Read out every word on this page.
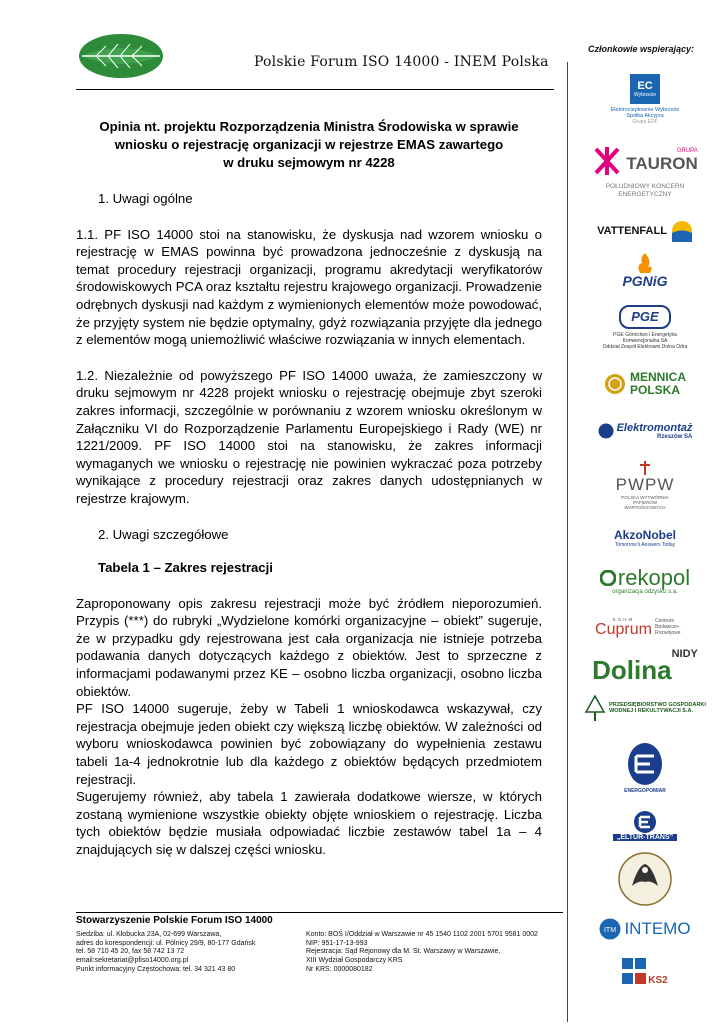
Polskie Forum ISO 14000 - INEM Polska
Członkowie wspierający:
EC
Wybrzeże
Elektrociepłownie Wybrzeże Spółka Akcyjna
Grupa EDF
GRUPA
TAURON
POŁUDNIOWY KONCERN ENERGETYCZNY
VATTENFALL
PGNiG
PGE
PGE Górnictwo i Energetyka Konwencjonalna SA
Oddział Zespół Elektrowni Dolna Odra
MENNICA
POLSKA
Elektromontaż
Rzeszów SA
PWPW
POLSKA WYTWÓRNIA PAPIERÓW WARTOŚCIOWYCH
AkzoNobel
Tomorrow's Answers Today
rekopol
organizacja odzysku s.a.
KGHM
Cuprum Centrum Badawczo-Rozwojowe
Dolina
NIDY
PRZEDSIĘBIORSTWO GOSPODARKI
WODNEJ I REKULTYWACJI S.A.
ENERGOPOMIAR
„ELTUR-TRANS”
ITM INTEMO
KS2
Opinia nt. projektu Rozporządzenia Ministra Środowiska w sprawie
wniosku o rejestrację organizacji w rejestrze EMAS zawartego
w druku sejmowym nr 4228
1. Uwagi ogólne

1.1. PF ISO 14000 stoi na stanowisku, że dyskusja nad wzorem wniosku o rejestrację w EMAS powinna być prowadzona jednocześnie z dyskusją na temat procedury rejestracji organizacji, programu akredytacji weryfikatorów środowiskowych PCA oraz kształtu rejestru krajowego organizacji. Prowadzenie odrębnych dyskusji nad każdym z wymienionych elementów może powodować, że przyjęty system nie będzie optymalny, gdyż rozwiązania przyjęte dla jednego z elementów mogą uniemożliwić właściwe rozwiązania w innych elementach.

1.2. Niezależnie od powyższego PF ISO 14000 uważa, że zamieszczony w druku sejmowym nr 4228 projekt wniosku o rejestrację obejmuje zbyt szeroki zakres informacji, szczególnie w porównaniu z wzorem wniosku określonym w Załączniku VI do Rozporządzenie Parlamentu Europejskiego i Rady (WE) nr 1221/2009. PF ISO 14000 stoi na stanowisku, że zakres informacji wymaganych we wniosku o rejestrację nie powinien wykraczać poza potrzeby wynikające z procedury rejestracji oraz zakres danych udostępnianych w rejestrze krajowym.

2. Uwagi szczegółowe
Tabela 1 – Zakres rejestracji

Zaproponowany opis zakresu rejestracji może być źródłem nieporozumień. Przypis (***) do rubryki „Wydzielone komórki organizacyjne – obiekt” sugeruje, że w przypadku gdy rejestrowana jest cała organizacja nie istnieje potrzeba podawania danych dotyczących każdego z obiektów. Jest to sprzeczne z informacjami podawanymi przez KE – osobno liczba organizacji, osobno liczba obiektów.

PF ISO 14000 sugeruje, żeby w Tabeli 1 wnioskodawca wskazywał, czy rejestracja obejmuje jeden obiekt czy większą liczbę obiektów. W zależności od wyboru wnioskodawca powinien być zobowiązany do wypełnienia zestawu tabeli 1a-4 jednokrotnie lub dla każdego z obiektów będących przedmiotem rejestracji.

Sugerujemy również, aby tabela 1 zawierała dodatkowe wiersze, w których zostaną wymienione wszystkie obiekty objęte wnioskiem o rejestrację. Liczba tych obiektów będzie musiała odpowiadać liczbie zestawów tabel 1a – 4 znajdujących się w dalszej części wniosku.

Stowarzyszenie Polskie Forum ISO 14000
Siedziba: ul. Kłobucka 23A, 02-699 Warszawa,
adres do korespondencji: ul. Pólnicy 29/9, 80-177 Gdańsk
tel. 58 710 45 20, fax 58 742 13 72
email:sekretariat@pfiso14000.org.pl
Punkt informacyjny Częstochowa: tel. 34 321 43 80
Konto: BOŚ I/Oddział w Warszawie nr 45 1540 1102 2001 5701 9581 0002
NIP: 951-17-13-993
Rejestracja: Sąd Rejonowy dla M. St. Warszawy w Warszawie,
XIII Wydział Gospodarczy KRS
Nr KRS: 0000080182
